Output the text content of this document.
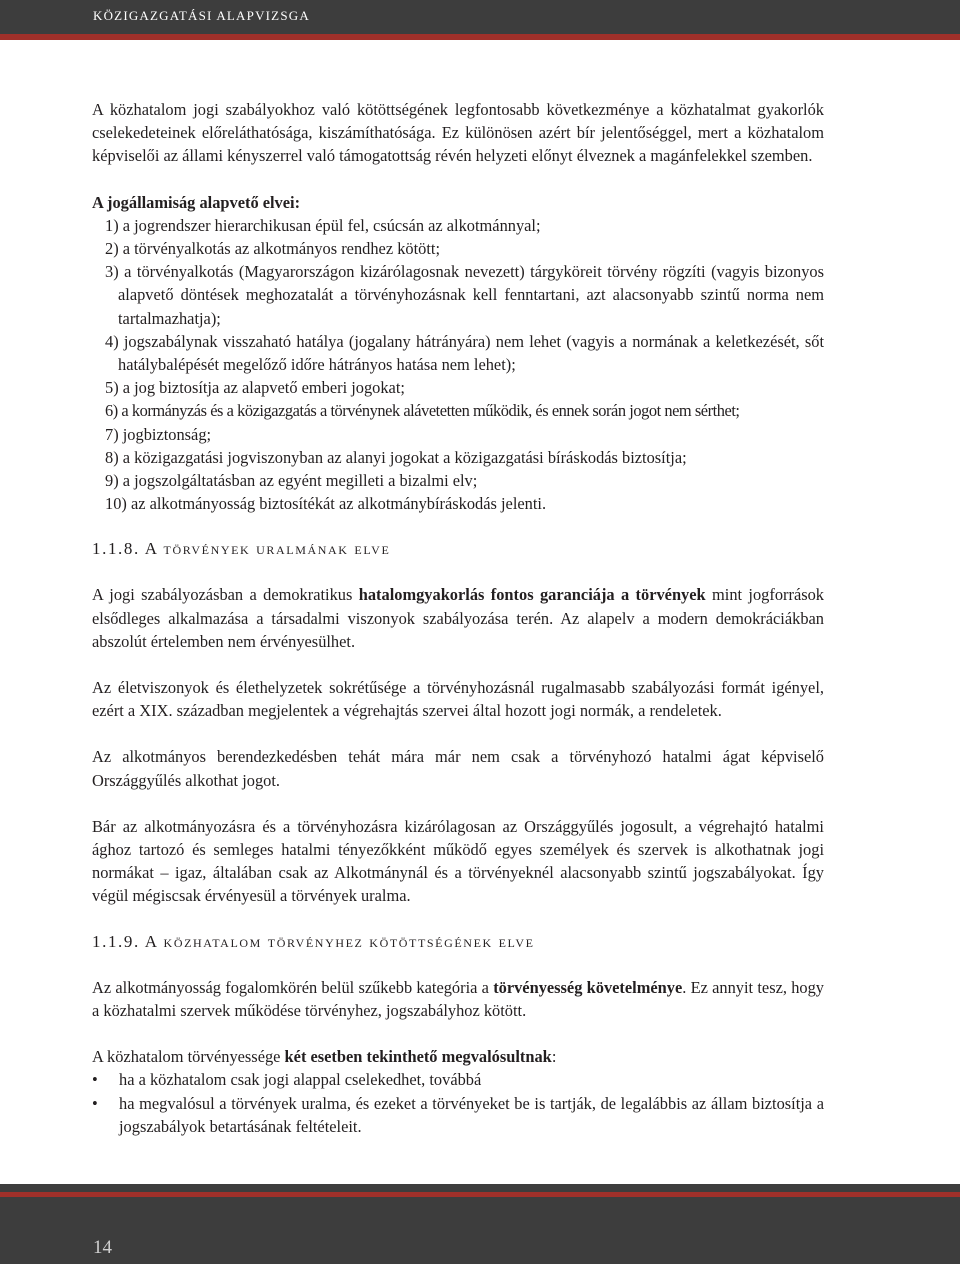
KÖZIGAZGATÁSI ALAPVIZSGA

A közhatalom jogi szabályokhoz való kötöttségének legfontosabb következménye a közhatalmat gyakorlók cselekedeteinek előreláthatósága, kiszámíthatósága. Ez különösen azért bír jelentőséggel, mert a közhatalom képviselői az állami kényszerrel való támogatottság révén helyzeti előnyt élveznek a magánfelekkel szemben.

A jogállamiság alapvető elvei:

1) a jogrendszer hierarchikusan épül fel, csúcsán az alkotmánnyal;

2) a törvényalkotás az alkotmányos rendhez kötött;

3) a törvényalkotás (Magyarországon kizárólagosnak nevezett) tárgyköreit törvény rögzíti (vagyis bizonyos alapvető döntések meghozatalát a törvényhozásnak kell fenntartani, azt alacsonyabb szintű norma nem tartalmazhatja);

4) jogszabálynak visszaható hatálya (jogalany hátrányára) nem lehet (vagyis a normának a keletkezését, sőt hatálybalépését megelőző időre hátrányos hatása nem lehet);

5) a jog biztosítja az alapvető emberi jogokat;

6) a kormányzás és a közigazgatás a törvénynek alávetetten működik, és ennek során jogot nem sérthet;

7) jogbiztonság;

8) a közigazgatási jogviszonyban az alanyi jogokat a közigazgatási bíráskodás biztosítja;

9) a jogszolgáltatásban az egyént megilleti a bizalmi elv;

10) az alkotmányosság biztosítékát az alkotmánybíráskodás jelenti.

1.1.8. A törvények uralmának elve

A jogi szabályozásban a demokratikus hatalomgyakorlás fontos garanciája a törvények mint jogforrások elsődleges alkalmazása a társadalmi viszonyok szabályozása terén. Az alapelv a modern demokráciákban abszolút értelemben nem érvényesülhet.

Az életviszonyok és élethelyzetek sokrétűsége a törvényhozásnál rugalmasabb szabályozási formát igényel, ezért a XIX. században megjelentek a végrehajtás szervei által hozott jogi normák, a rendeletek.

Az alkotmányos berendezkedésben tehát mára már nem csak a törvényhozó hatalmi ágat képviselő Országgyűlés alkothat jogot.

Bár az alkotmányozásra és a törvényhozásra kizárólagosan az Országgyűlés jogosult, a végrehajtó hatalmi ághoz tartozó és semleges hatalmi tényezőkként működő egyes személyek és szervek is alkothatnak jogi normákat – igaz, általában csak az Alkotmánynál és a törvényeknél alacsonyabb szintű jogszabályokat. Így végül mégiscsak érvényesül a törvények uralma.

1.1.9. A közhatalom törvényhez kötöttségének elve

Az alkotmányosság fogalomkörén belül szűkebb kategória a törvényesség követelménye. Ez annyit tesz, hogy a közhatalmi szervek működése törvényhez, jogszabályhoz kötött.

A közhatalom törvényessége két esetben tekinthető megvalósultnak:

• ha a közhatalom csak jogi alappal cselekedhet, továbbá
• ha megvalósul a törvények uralma, és ezeket a törvényeket be is tartják, de legalábbis az állam biztosítja a jogszabályok betartásának feltételeit.
14
